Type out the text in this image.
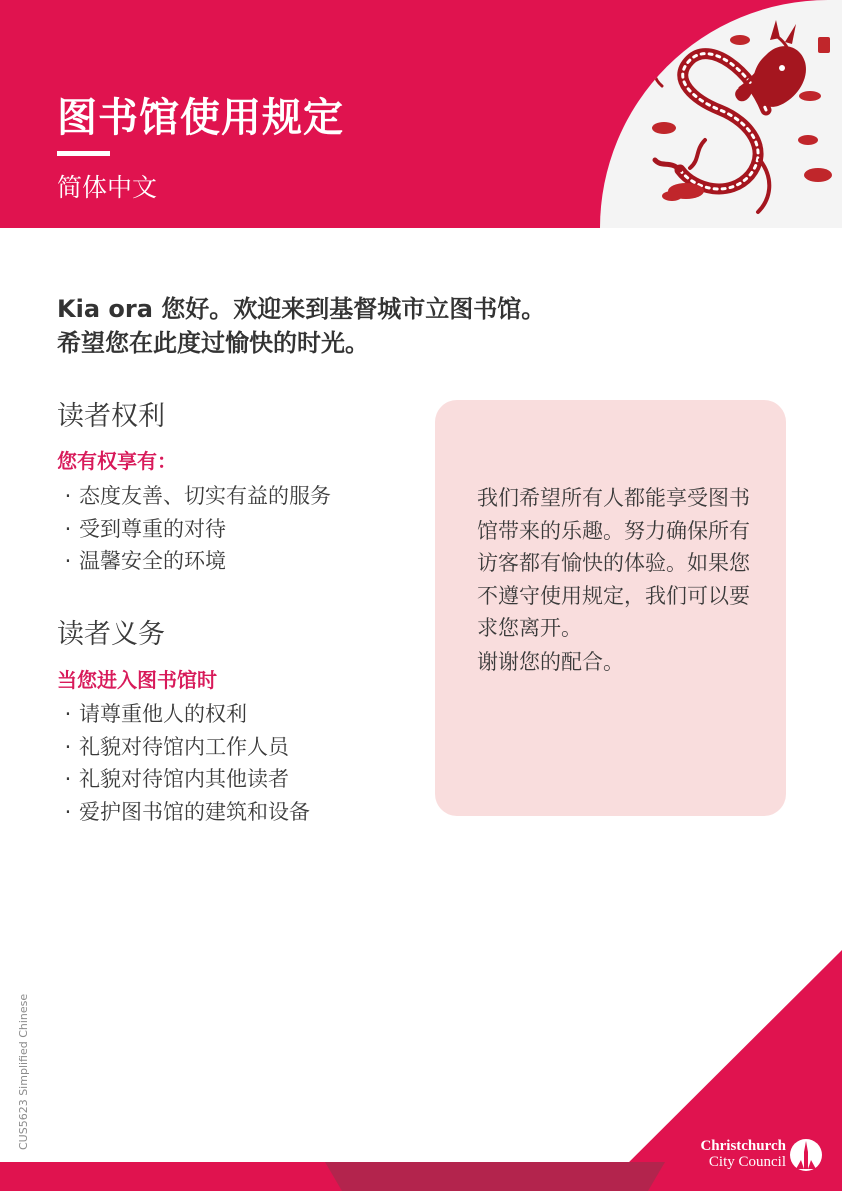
图书馆使用规定
简体中文
Kia ora 您好。欢迎来到基督城市立图书馆。
希望您在此度过愉快的时光。
读者权利
您有权享有：
· 态度友善、切实有益的服务
· 受到尊重的对待
· 温馨安全的环境
读者义务
当您进入图书馆时
· 请尊重他人的权利
· 礼貌对待馆内工作人员
· 礼貌对待馆内其他读者
· 爱护图书馆的建筑和设备

我们希望所有人都能享受图书馆带来的乐趣。努力确保所有访客都有愉快的体验。如果您不遵守使用规定，我们可以要求您离开。

谢谢您的配合。

CUS5623 Simplified Chinese	Christchurch
City Council
